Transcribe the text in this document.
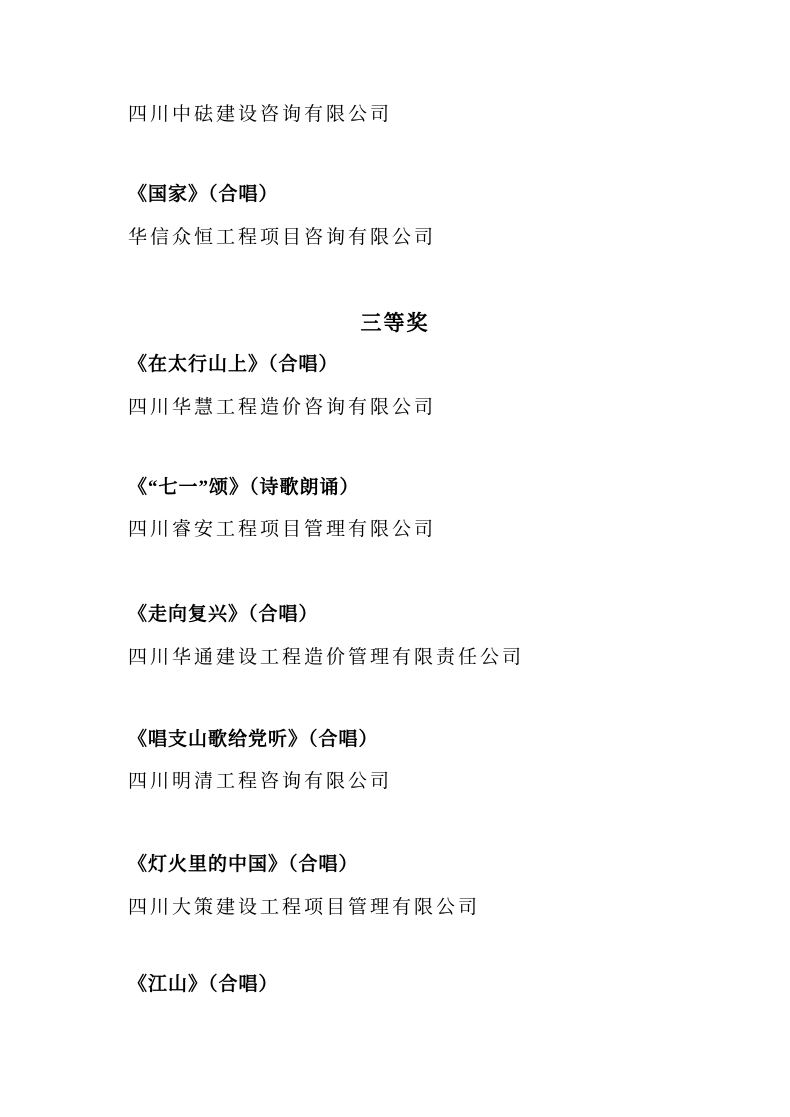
四川中砝建设咨询有限公司
《国家》（合唱）
华信众恒工程项目咨询有限公司
三等奖
《在太行山上》（合唱）
四川华慧工程造价咨询有限公司
《“七一”颂》（诗歌朗诵）
四川睿安工程项目管理有限公司
《走向复兴》（合唱）
四川华通建设工程造价管理有限责任公司
《唱支山歌给党听》（合唱）
四川明清工程咨询有限公司
《灯火里的中国》（合唱）
四川大策建设工程项目管理有限公司
《江山》（合唱）
